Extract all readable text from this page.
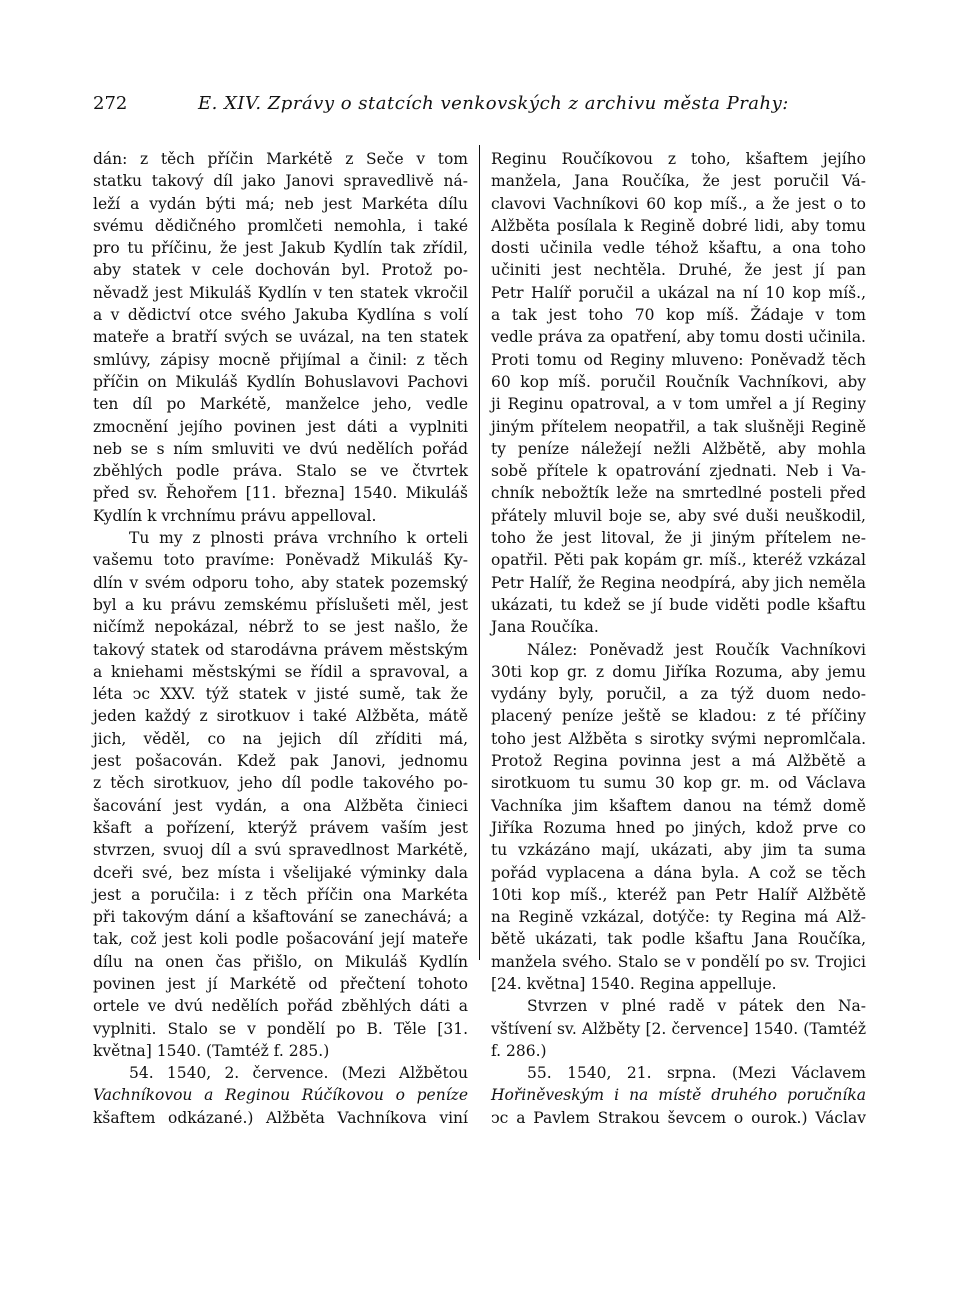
272	E. XIV. Zprávy o statcích venkovských z archivu města Prahy:
dán: z těch příčin Markétě z Seče v tom
statku takový díl jako Janovi spravedlivě ná-
leží a vydán býti má; neb jest Markéta dílu
svému dědičného promlčeti nemohla, i také
pro tu příčinu, že jest Jakub Kydlín tak zřídil,
aby statek v cele dochován byl. Protož po-
něvadž jest Mikuláš Kydlín v ten statek vkročil
a v dědictví otce svého Jakuba Kydlína s volí
mateře a bratří svých se uvázal, na ten statek
smlúvy, zápisy mocně přijímal a činil: z těch
příčin on Mikuláš Kydlín Bohuslavovi Pachovi
ten díl po Markétě, manželce jeho, vedle
zmocnění jejího povinen jest dáti a vyplniti
neb se s ním smluviti ve dvú nedělích pořád
zběhlých podle práva. Stalo se ve čtvrtek
před sv. Řehořem [11. března] 1540. Mikuláš
Kydlín k vrchnímu právu appelloval.
Tu my z plnosti práva vrchního k orteli
vašemu toto pravíme: Poněvadž Mikuláš Ky-
dlín v svém odporu toho, aby statek pozemský
byl a ku právu zemskému příslušeti měl, jest
ničímž nepokázal, nébrž to se jest našlo, že
takový statek od starodávna právem městským
a kniehami městskými se řídil a spravoval, a
léta ↄc XXV. týž statek v jisté sumě, tak že
jeden každý z sirotkuov i také Alžběta, mátě
jich, věděl, co na jejich díl zříditi má,
jest pošacován. Kdež pak Janovi, jednomu
z těch sirotkuov, jeho díl podle takového po-
šacování jest vydán, a ona Alžběta činieci
kšaft a pořízení, kterýž právem vaším jest
stvrzen, svuoj díl a svú spravedlnost Markétě,
dceři své, bez místa i všelijaké výminky dala
jest a poručila: i z těch příčin ona Markéta
při takovým dání a kšaftování se zanechává; a
tak, což jest koli podle pošacování její mateře
dílu na onen čas přišlo, on Mikuláš Kydlín
povinen jest jí Markétě od přečtení tohoto
ortele ve dvú nedělích pořád zběhlých dáti a
vyplniti. Stalo se v pondělí po B. Těle [31.
května] 1540. (Tamtéž f. 285.)
54. 1540, 2. července. (Mezi Alžbětou
Vachníkovou a Reginou Rúčíkovou o peníze
kšaftem odkázané.) Alžběta Vachníkova viní
Reginu Roučíkovou z toho, kšaftem jejího
manžela, Jana Roučíka, že jest poručil Vá-
clavovi Vachníkovi 60 kop míš., a že jest o to
Alžběta posílala k Regině dobré lidi, aby tomu
dosti učinila vedle téhož kšaftu, a ona toho
učiniti jest nechtěla. Druhé, že jest jí pan
Petr Halíř poručil a ukázal na ní 10 kop míš.,
a tak jest toho 70 kop míš. Žádaje v tom
vedle práva za opatření, aby tomu dosti učinila.
Proti tomu od Reginy mluveno: Poněvadž těch
60 kop míš. poručil Roučník Vachníkovi, aby
ji Reginu opatroval, a v tom umřel a jí Reginy
jiným přítelem neopatřil, a tak slušněji Regině
ty peníze náležejí nežli Alžbětě, aby mohla
sobě přítele k opatrování zjednati. Neb i Va-
chník nebožtík leže na smrtedlné posteli před
přátely mluvil boje se, aby své duši neuškodil,
toho že jest litoval, že ji jiným přítelem ne-
opatřil. Pěti pak kopám gr. míš., kteréž vzkázal
Petr Halíř, že Regina neodpírá, aby jich neměla
ukázati, tu kdež se jí bude viděti podle kšaftu
Jana Roučíka.
Nález: Poněvadž jest Roučík Vachníkovi
30ti kop gr. z domu Jiříka Rozuma, aby jemu
vydány byly, poručil, a za týž duom nedo-
placený peníze ještě se kladou: z té příčiny
toho jest Alžběta s sirotky svými nepromlčala.
Protož Regina povinna jest a má Alžbětě a
sirotkuom tu sumu 30 kop gr. m. od Václava
Vachníka jim kšaftem danou na témž domě
Jiříka Rozuma hned po jiných, kdož prve co
tu vzkázáno mají, ukázati, aby jim ta suma
pořád vyplacena a dána byla. A což se těch
10ti kop míš., kteréž pan Petr Halíř Alžbětě
na Regině vzkázal, dotýče: ty Regina má Alž-
bětě ukázati, tak podle kšaftu Jana Roučíka,
manžela svého. Stalo se v pondělí po sv. Trojici
[24. května] 1540. Regina appelluje.
Stvrzen v plné radě v pátek den Na-
vštívení sv. Alžběty [2. července] 1540. (Tamtéž
f. 286.)
55. 1540, 21. srpna. (Mezi Václavem
Hořiněveským i na místě druhého poručníka
ↄc a Pavlem Strakou ševcem o ourok.) Václav
